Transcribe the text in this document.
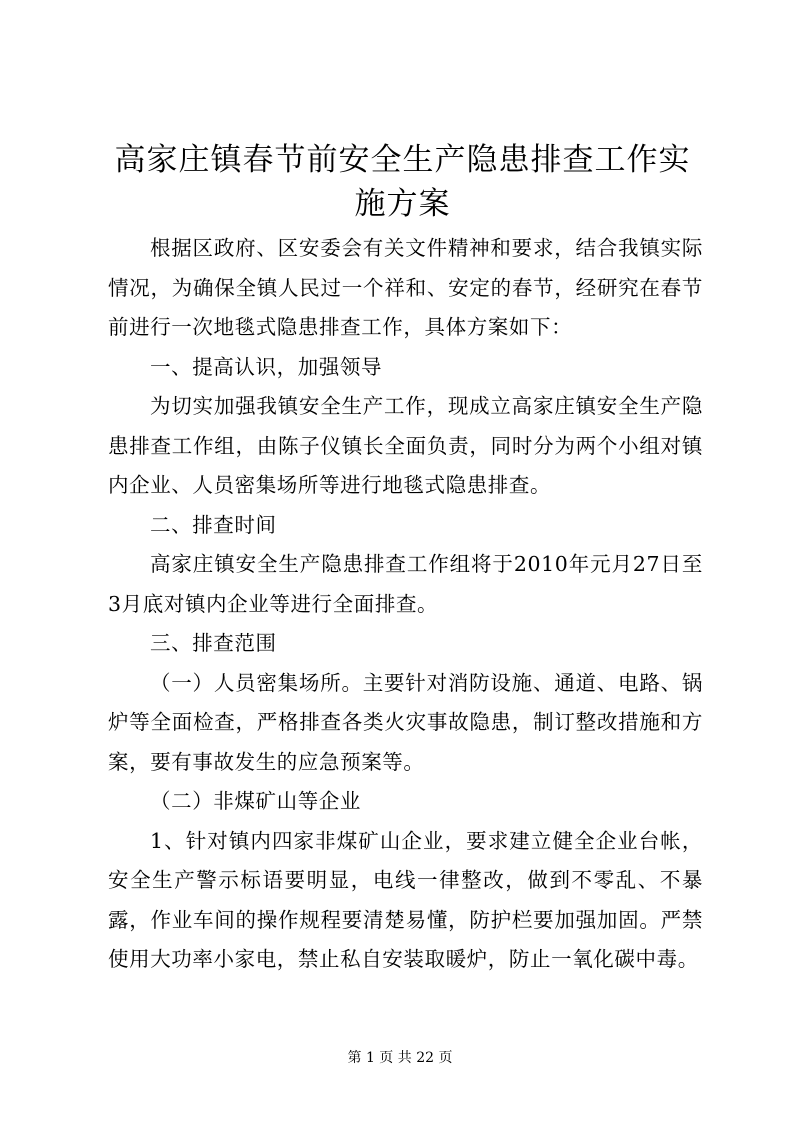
高家庄镇春节前安全生产隐患排查工作实施方案

根据区政府、区安委会有关文件精神和要求，结合我镇实际情况，为确保全镇人民过一个祥和、安定的春节，经研究在春节前进行一次地毯式隐患排查工作，具体方案如下：

一、提高认识，加强领导

为切实加强我镇安全生产工作，现成立高家庄镇安全生产隐患排查工作组，由陈子仪镇长全面负责，同时分为两个小组对镇内企业、人员密集场所等进行地毯式隐患排查。

二、排查时间

高家庄镇安全生产隐患排查工作组将于2010年元月27日至3月底对镇内企业等进行全面排查。

三、排查范围

（一）人员密集场所。主要针对消防设施、通道、电路、锅炉等全面检查，严格排查各类火灾事故隐患，制订整改措施和方案，要有事故发生的应急预案等。

（二）非煤矿山等企业

1、针对镇内四家非煤矿山企业，要求建立健全企业台帐，安全生产警示标语要明显，电线一律整改，做到不零乱、不暴露，作业车间的操作规程要清楚易懂，防护栏要加强加固。严禁使用大功率小家电，禁止私自安装取暖炉，防止一氧化碳中毒。

第 1 页 共 22 页
